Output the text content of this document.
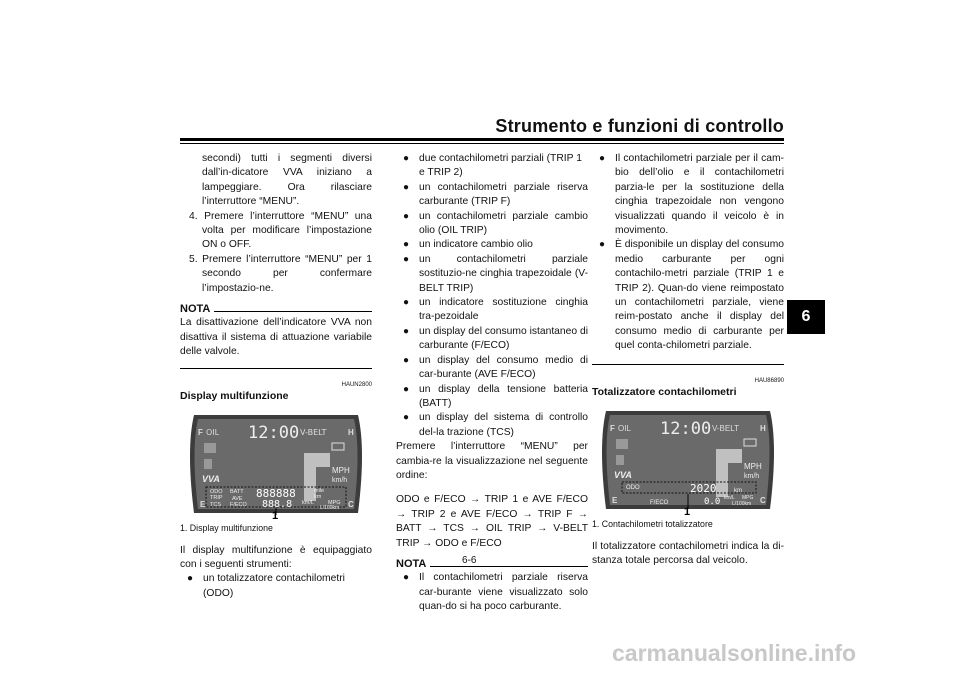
Strumento e funzioni di controllo
6

secondi) tutti i segmenti diversi dall’in-dicatore VVA iniziano a lampeggiare. Ora rilasciare l’interruttore “MENU”.

4. Premere l’interruttore “MENU” una volta per modificare l’impostazione ON o OFF.

5. Premere l’interruttore “MENU” per 1 secondo per confermare l’impostazio-ne.

NOTA

La disattivazione dell’indicatore VVA non disattiva il sistema di attuazione variabile delle valvole.

HAUN2800
Display multifunzione
OIL 12:00 V-BELT
F	H
E	C
VVA
MPH
km/h
ODO
TRIP
TCS
BATT
AVE
F/ECO
888888
888.8
mile
km
km/L	MPG
L/100km
1
1. Display multifunzione

Il display multifunzione è equipaggiato con i seguenti strumenti:

● un totalizzatore contachilometri (ODO)

● due contachilometri parziali (TRIP 1 e TRIP 2)

● un contachilometri parziale riserva carburante (TRIP F)

● un contachilometri parziale cambio olio (OIL TRIP)

● un indicatore cambio olio

● un contachilometri parziale sostituzio-ne cinghia trapezoidale (V-BELT TRIP)

● un indicatore sostituzione cinghia tra-pezoidale

● un display del consumo istantaneo di carburante (F/ECO)

● un display del consumo medio di car-burante (AVE F/ECO)

● un display della tensione batteria (BATT)

● un display del sistema di controllo del-la trazione (TCS)

Premere l’interruttore “MENU” per cambia-re la visualizzazione nel seguente ordine:

ODO e F/ECO → TRIP 1 e AVE F/ECO → TRIP 2 e AVE F/ECO → TRIP F → BATT → TCS → OIL TRIP → V-BELT TRIP → ODO e F/ECO

NOTA

● Il contachilometri parziale riserva car-burante viene visualizzato solo quan-do si ha poco carburante.

● Il contachilometri parziale per il cam-bio dell’olio e il contachilometri parzia-le per la sostituzione della cinghia trapezoidale non vengono visualizzati quando il veicolo è in movimento.

● È disponibile un display del consumo medio carburante per ogni contachilo-metri parziale (TRIP 1 e TRIP 2). Quan-do viene reimpostato un contachilometri parziale, viene reim-postato anche il display del consumo medio di carburante per quel conta-chilometri parziale.

HAU86890
Totalizzatore contachilometri
OIL 12:00 V-BELT
F	H
E	C
VVA
MPH
km/h
ODO	2020	km
F/ECO	0.0 km/L MPG
L/100km
1
1. Contachilometri totalizzatore

Il totalizzatore contachilometri indica la di-stanza totale percorsa dal veicolo.

6-6
carmanualsonline.info
